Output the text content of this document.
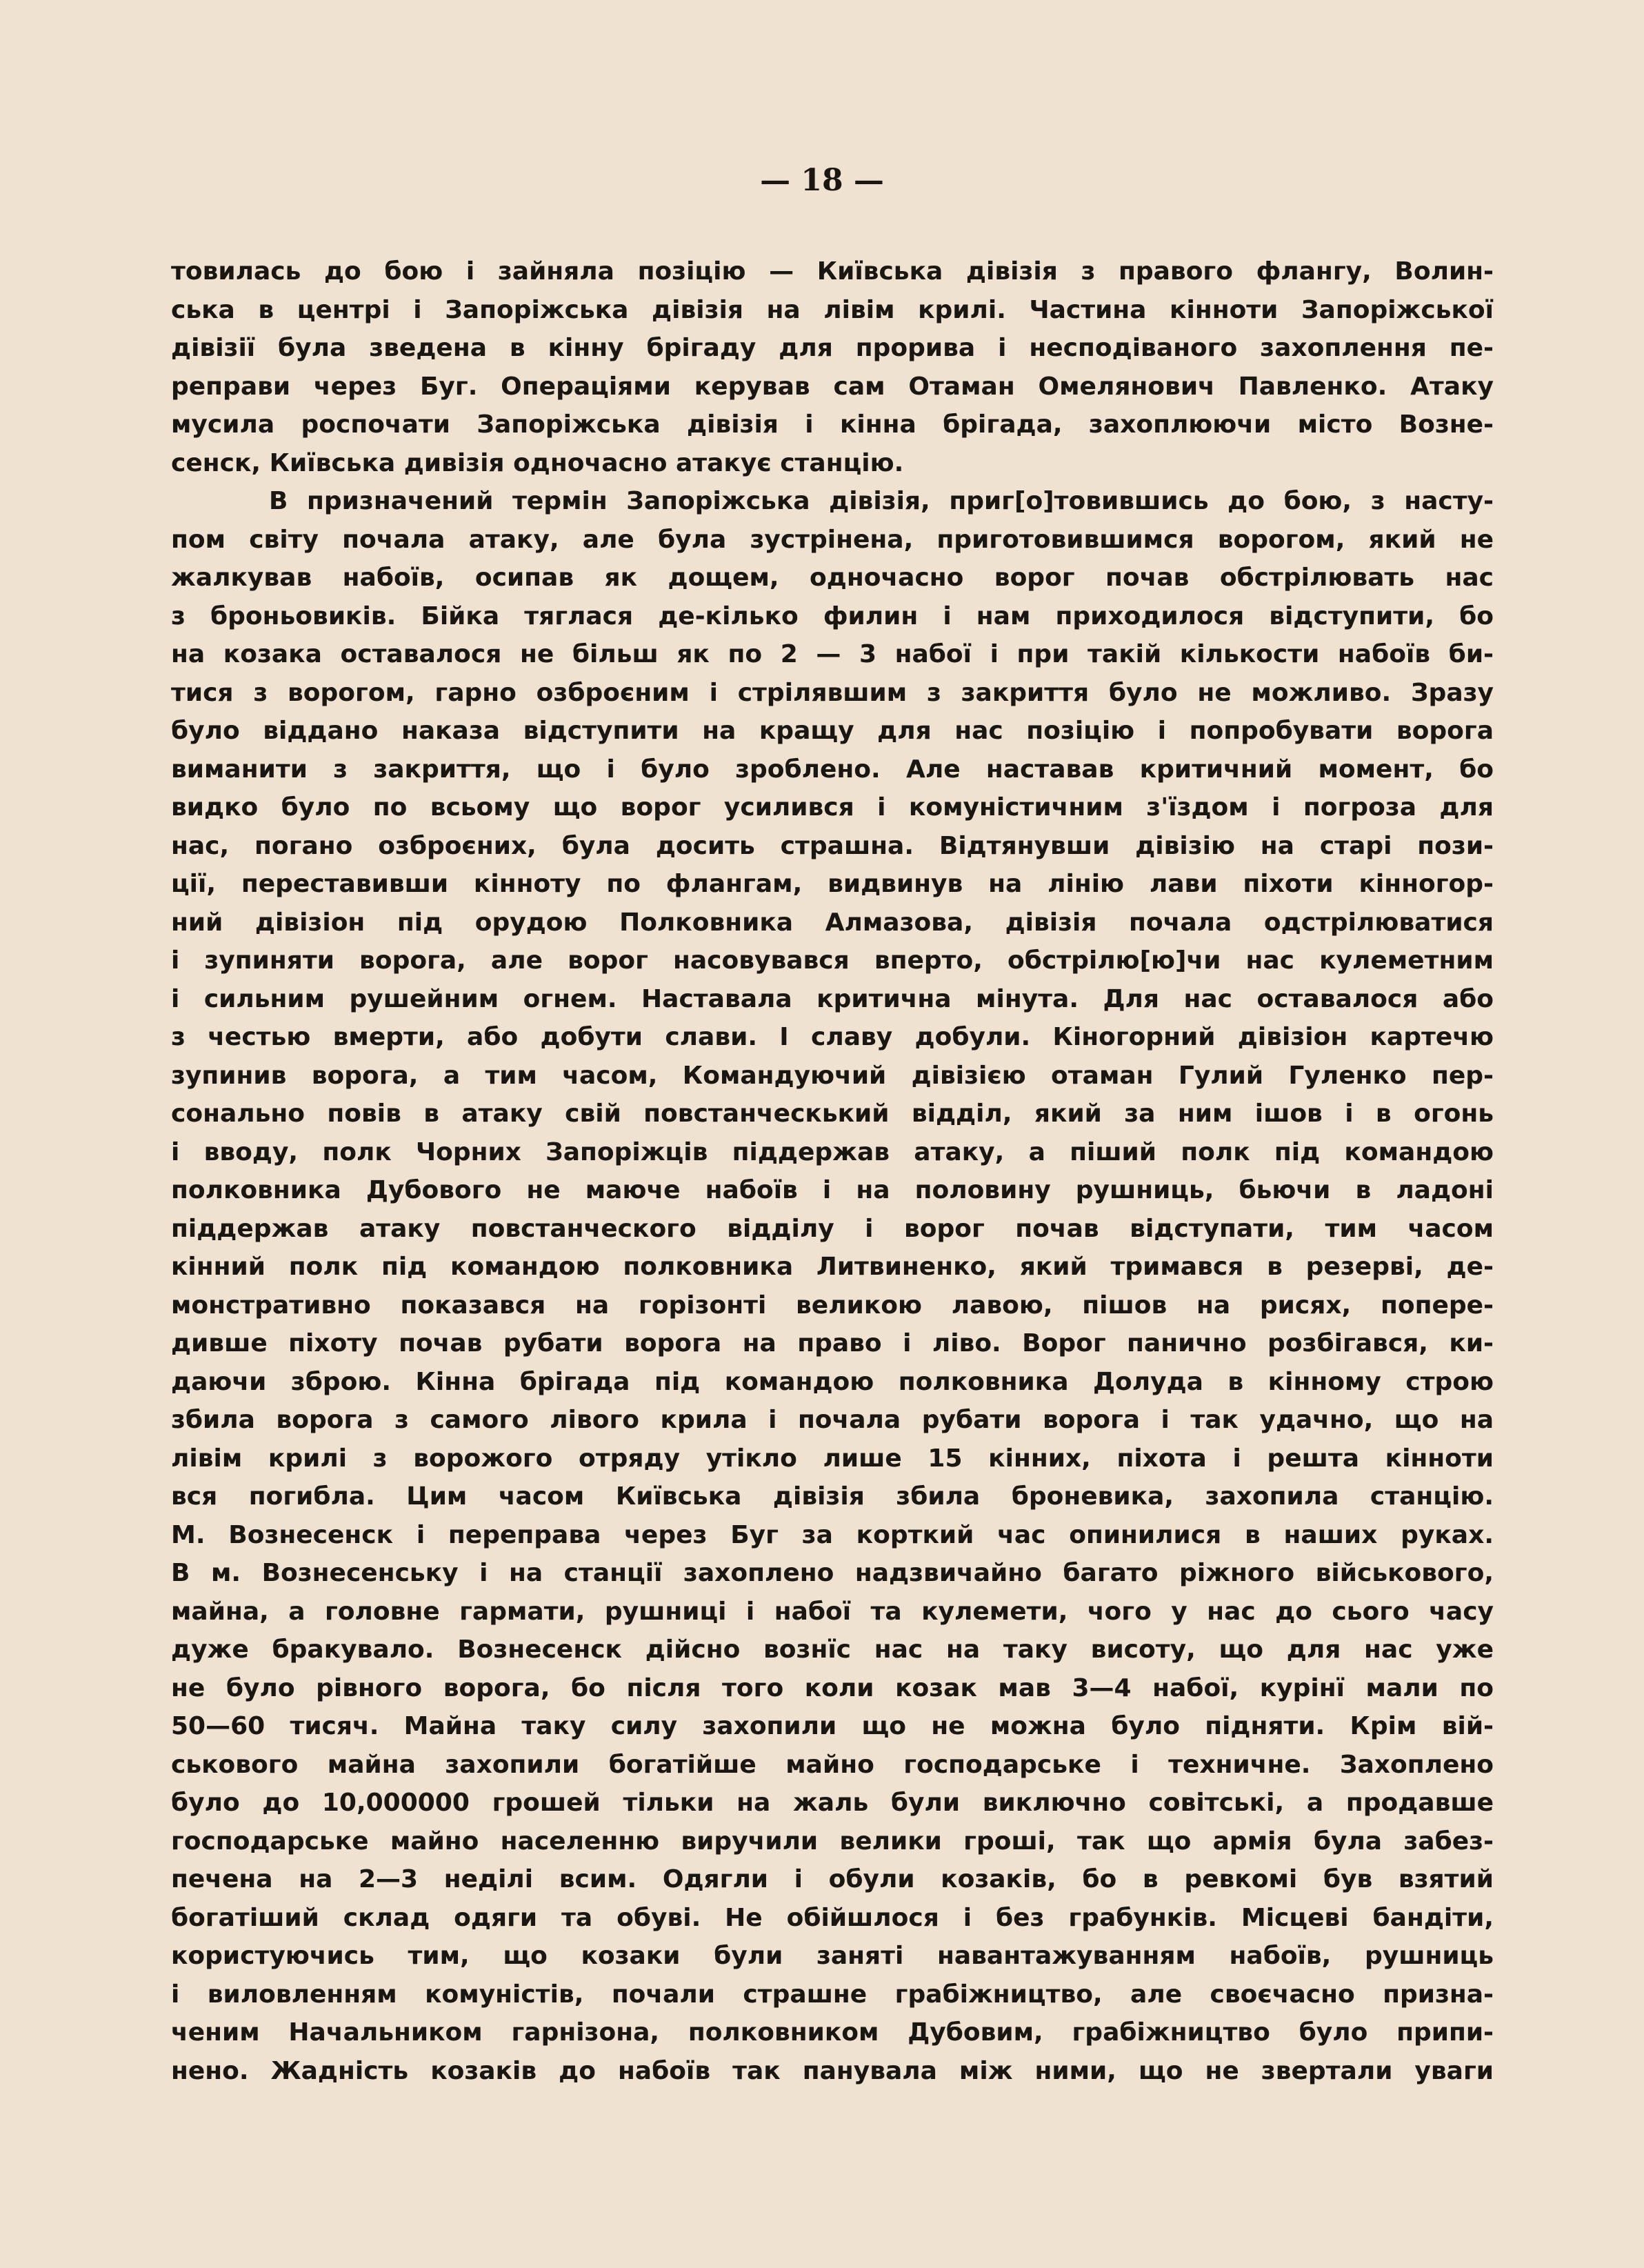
— 18 —
товилась до бою і зайняла позіцію — Київська дівізія з правого флангу, Волин-
ська в центрі і Запоріжська дівізія на лівім крилі. Частина кінноти Запоріжської
дівізії була зведена в кінну брігаду для прорива і несподіваного захоплення пе-
реправи через Буг. Операціями керував сам Отаман Омелянович Павленко. Атаку
мусила роспочати Запоріжська дівізія і кінна брігада, захоплюючи місто Возне-
сенск, Київська дивізія одночасно атакує станцію.
В призначений термін Запоріжська дівізія, приг[о]товившись до бою, з насту-
пом світу почала атаку, але була зустрінена, приготовившимся ворогом, який не
жалкував набоїв, осипав як дощем, одночасно ворог почав обстрілювать нас
з броньовиків. Бійка тяглася де-кілько филин і нам приходилося відступити, бо
на козака оставалося не більш як по 2 — 3 набої і при такій кількости набоїв би-
тися з ворогом, гарно озброєним і стрілявшим з закриття було не можливо. Зразу
було віддано наказа відступити на кращу для нас позіцію і попробувати ворога
виманити з закриття, що і було зроблено. Але наставав критичний момент, бо
видко було по всьому що ворог усилився і комуністичним з'їздом і погроза для
нас, погано озброєних, була досить страшна. Відтянувши дівізію на старі пози-
ції, переставивши кінноту по флангам, видвинув на лінію лави піхоти кінногор-
ний дівізіон під орудою Полковника Алмазова, дівізія почала одстрілюватися
і зупиняти ворога, але ворог насовувався вперто, обстрілю[ю]чи нас кулеметним
і сильним рушейним огнем. Наставала критична мінута. Для нас оставалося або
з честью вмерти, або добути слави. І славу добули. Кіногорний дівізіон картечю
зупинив ворога, а тим часом, Командуючий дівізією отаман Гулий Гуленко пер-
сонально повів в атаку свій повстанческький відділ, який за ним ішов і в огонь
і вводу, полк Чорних Запоріжців піддержав атаку, а піший полк під командою
полковника Дубового не маюче набоїв і на половину рушниць, бьючи в ладоні
піддержав атаку повстанческого відділу і ворог почав відступати, тим часом
кінний полк під командою полковника Литвиненко, який тримався в резерві, де-
монстративно показався на горізонті великою лавою, пішов на рисях, попере-
дивше піхоту почав рубати ворога на право і ліво. Ворог панично розбігався, ки-
даючи зброю. Кінна брігада під командою полковника Долуда в кінному строю
збила ворога з самого лівого крила і почала рубати ворога і так удачно, що на
лівім крилі з ворожого отряду утікло лише 15 кінних, піхота і решта кінноти
вся погибла. Цим часом Київська дівізія збила броневика, захопила станцію.
М. Вознесенск і переправа через Буг за корткий час опинилися в наших руках.
В м. Вознесенську і на станції захоплено надзвичайно багато ріжного військового,
майна, а головне гармати, рушниці і набої та кулемети, чого у нас до сього часу
дуже бракувало. Вознесенск дійсно вознїс нас на таку висоту, що для нас уже
не було рівного ворога, бо після того коли козак мав 3—4 набої, курінї мали по
50—60 тисяч. Майна таку силу захопили що не можна було підняти. Крім вій-
ськового майна захопили богатійше майно господарське і техничне. Захоплено
було до 10,000000 грошей тільки на жаль були виключно совітські, а продавше
господарське майно населенню виручили велики гроші, так що армія була забез-
печена на 2—3 неділі всим. Одягли і обули козаків, бо в ревкомі був взятий
богатіший склад одяги та обуві. Не обійшлося і без грабунків. Місцеві бандіти,
користуючись тим, що козаки були заняті навантажуванням набоїв, рушниць
і виловленням комуністів, почали страшне грабіжництво, але своєчасно призна-
ченим Начальником гарнізона, полковником Дубовим, грабіжництво було припи-
нено. Жадність козаків до набоїв так панувала між ними, що не звертали уваги
